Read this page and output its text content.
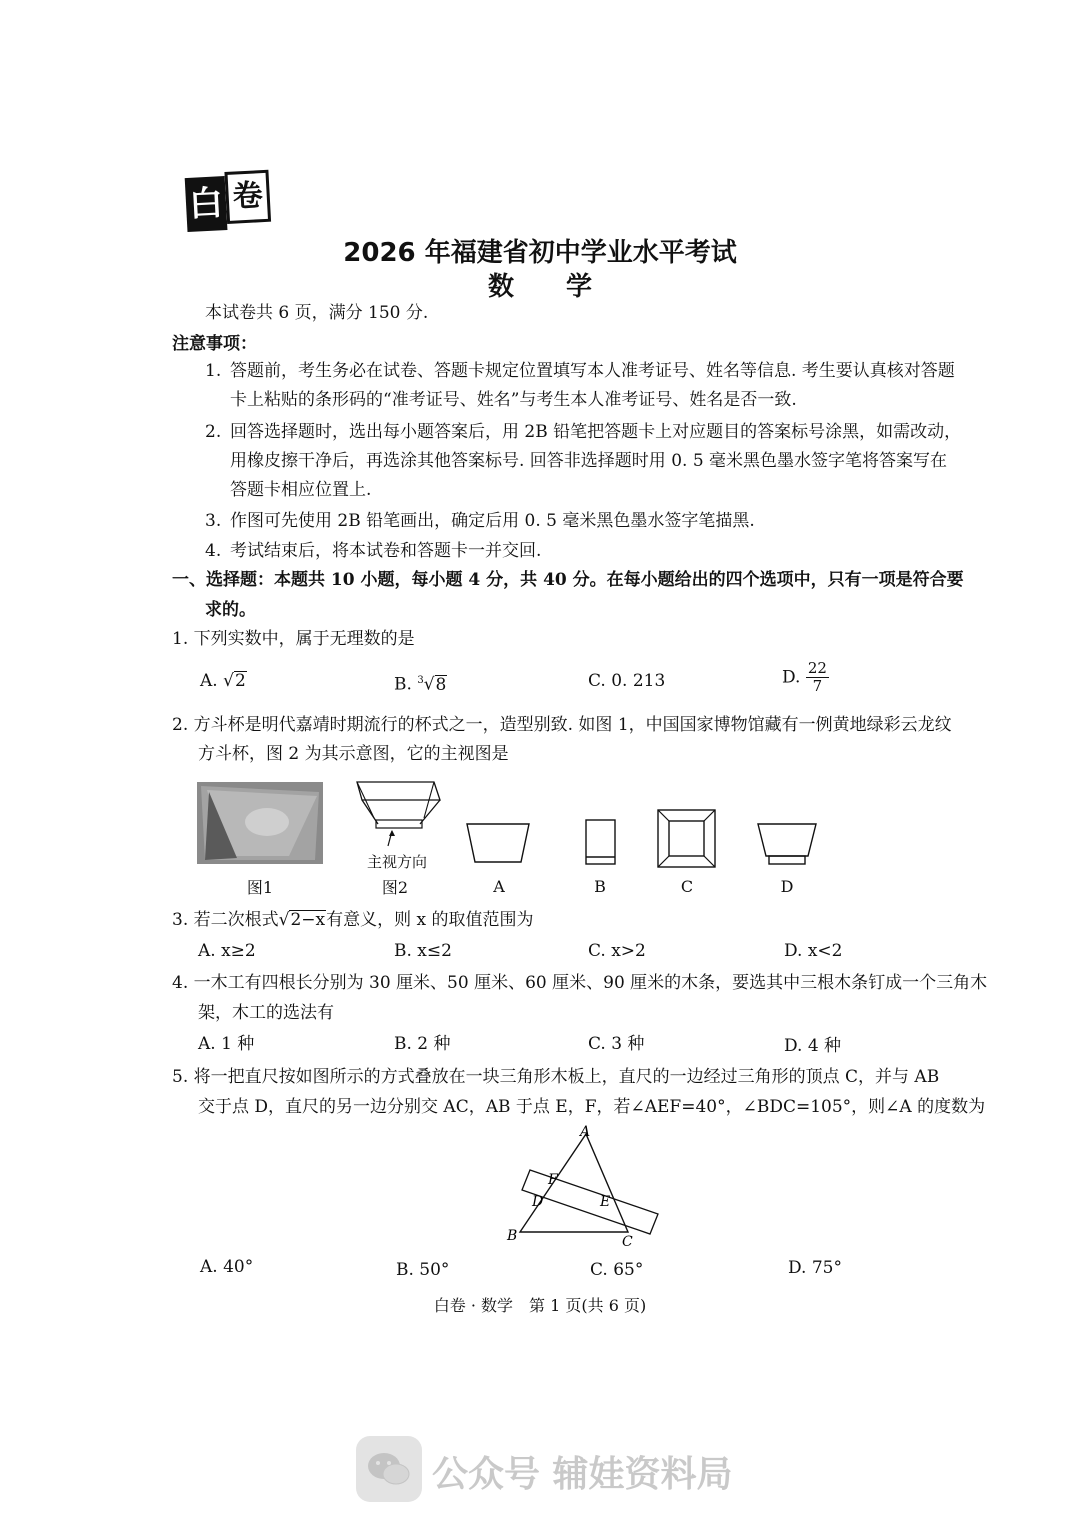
白 卷
2026 年福建省初中学业水平考试
数　　学
本试卷共 6 页，满分 150 分.
注意事项：
1. 答题前，考生务必在试卷、答题卡规定位置填写本人准考证号、姓名等信息. 考生要认真核对答题
卡上粘贴的条形码的“准考证号、姓名”与考生本人准考证号、姓名是否一致.
2. 回答选择题时，选出每小题答案后，用 2B 铅笔把答题卡上对应题目的答案标号涂黑，如需改动，
用橡皮擦干净后，再选涂其他答案标号. 回答非选择题时用 0. 5 毫米黑色墨水签字笔将答案写在
答题卡相应位置上.
3. 作图可先使用 2B 铅笔画出，确定后用 0. 5 毫米黑色墨水签字笔描黑.
4. 考试结束后，将本试卷和答题卡一并交回.
一、选择题：本题共 10 小题，每小题 4 分，共 40 分。在每小题给出的四个选项中，只有一项是符合要
求的。
1. 下列实数中，属于无理数的是
A. √2	B. $^3$√8	C. 0. 213	D. $\frac{22}{7}$
2. 方斗杯是明代嘉靖时期流行的杯式之一，造型别致. 如图 1，中国国家博物馆藏有一例黄地绿彩云龙纹
方斗杯，图 2 为其示意图，它的主视图是
图1
主视方向
图2	A	B	C	D
3. 若二次根式√2−x有意义，则 x 的取值范围为
A. x≥2	B. x≤2	C. x>2	D. x<2
4. 一木工有四根长分别为 30 厘米、50 厘米、60 厘米、90 厘米的木条，要选其中三根木条钉成一个三角木
架，木工的选法有
A. 1 种	B. 2 种	C. 3 种	D. 4 种
5. 将一把直尺按如图所示的方式叠放在一块三角形木板上，直尺的一边经过三角形的顶点 C，并与 AB
交于点 D，直尺的另一边分别交 AC，AB 于点 E，F，若∠AEF=40°，∠BDC=105°，则∠A 的度数为
A
B	C
D	E
F
A. 40°	B. 50°	C. 65°	D. 75°
白卷 · 数学　第 1 页(共 6 页)
公众号 辅娃资料局
